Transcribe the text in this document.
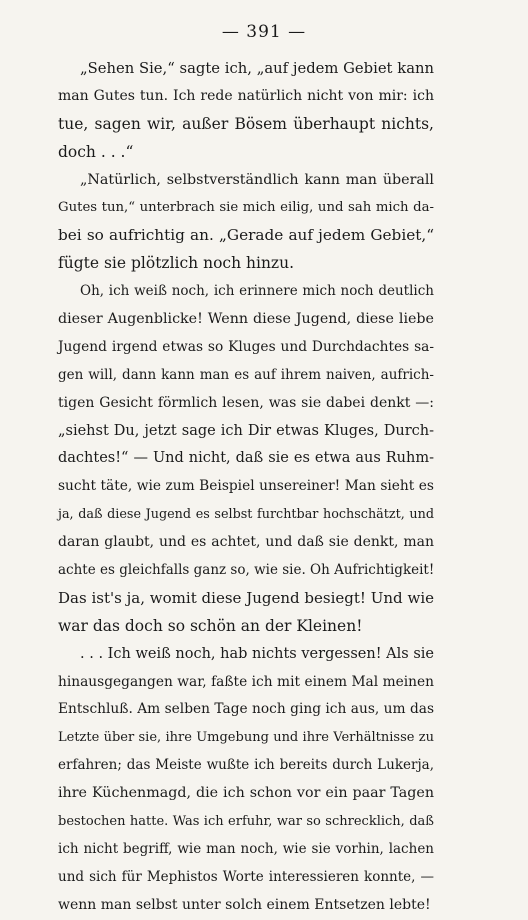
— 391 —
„Sehen Sie,“ sagte ich, „auf jedem Gebiet kann
man Gutes tun. Ich rede natürlich nicht von mir: ich
tue, sagen wir, außer Bösem überhaupt nichts,
doch . . .“
„Natürlich, selbstverständlich kann man überall
Gutes tun,“ unterbrach sie mich eilig, und sah mich da-
bei so aufrichtig an. „Gerade auf jedem Gebiet,“
fügte sie plötzlich noch hinzu.
Oh, ich weiß noch, ich erinnere mich noch deutlich
dieser Augenblicke! Wenn diese Jugend, diese liebe
Jugend irgend etwas so Kluges und Durchdachtes sa-
gen will, dann kann man es auf ihrem naiven, aufrich-
tigen Gesicht förmlich lesen, was sie dabei denkt —:
„siehst Du, jetzt sage ich Dir etwas Kluges, Durch-
dachtes!“ — Und nicht, daß sie es etwa aus Ruhm-
sucht täte, wie zum Beispiel unsereiner! Man sieht es
ja, daß diese Jugend es selbst furchtbar hochschätzt, und
daran glaubt, und es achtet, und daß sie denkt, man
achte es gleichfalls ganz so, wie sie. Oh Aufrichtigkeit!
Das ist's ja, womit diese Jugend besiegt! Und wie
war das doch so schön an der Kleinen!
. . . Ich weiß noch, hab nichts vergessen! Als sie
hinausgegangen war, faßte ich mit einem Mal meinen
Entschluß. Am selben Tage noch ging ich aus, um das
Letzte über sie, ihre Umgebung und ihre Verhältnisse zu
erfahren; das Meiste wußte ich bereits durch Lukerja,
ihre Küchenmagd, die ich schon vor ein paar Tagen
bestochen hatte. Was ich erfuhr, war so schrecklich, daß
ich nicht begriff, wie man noch, wie sie vorhin, lachen
und sich für Mephistos Worte interessieren konnte, —
wenn man selbst unter solch einem Entsetzen lebte!
